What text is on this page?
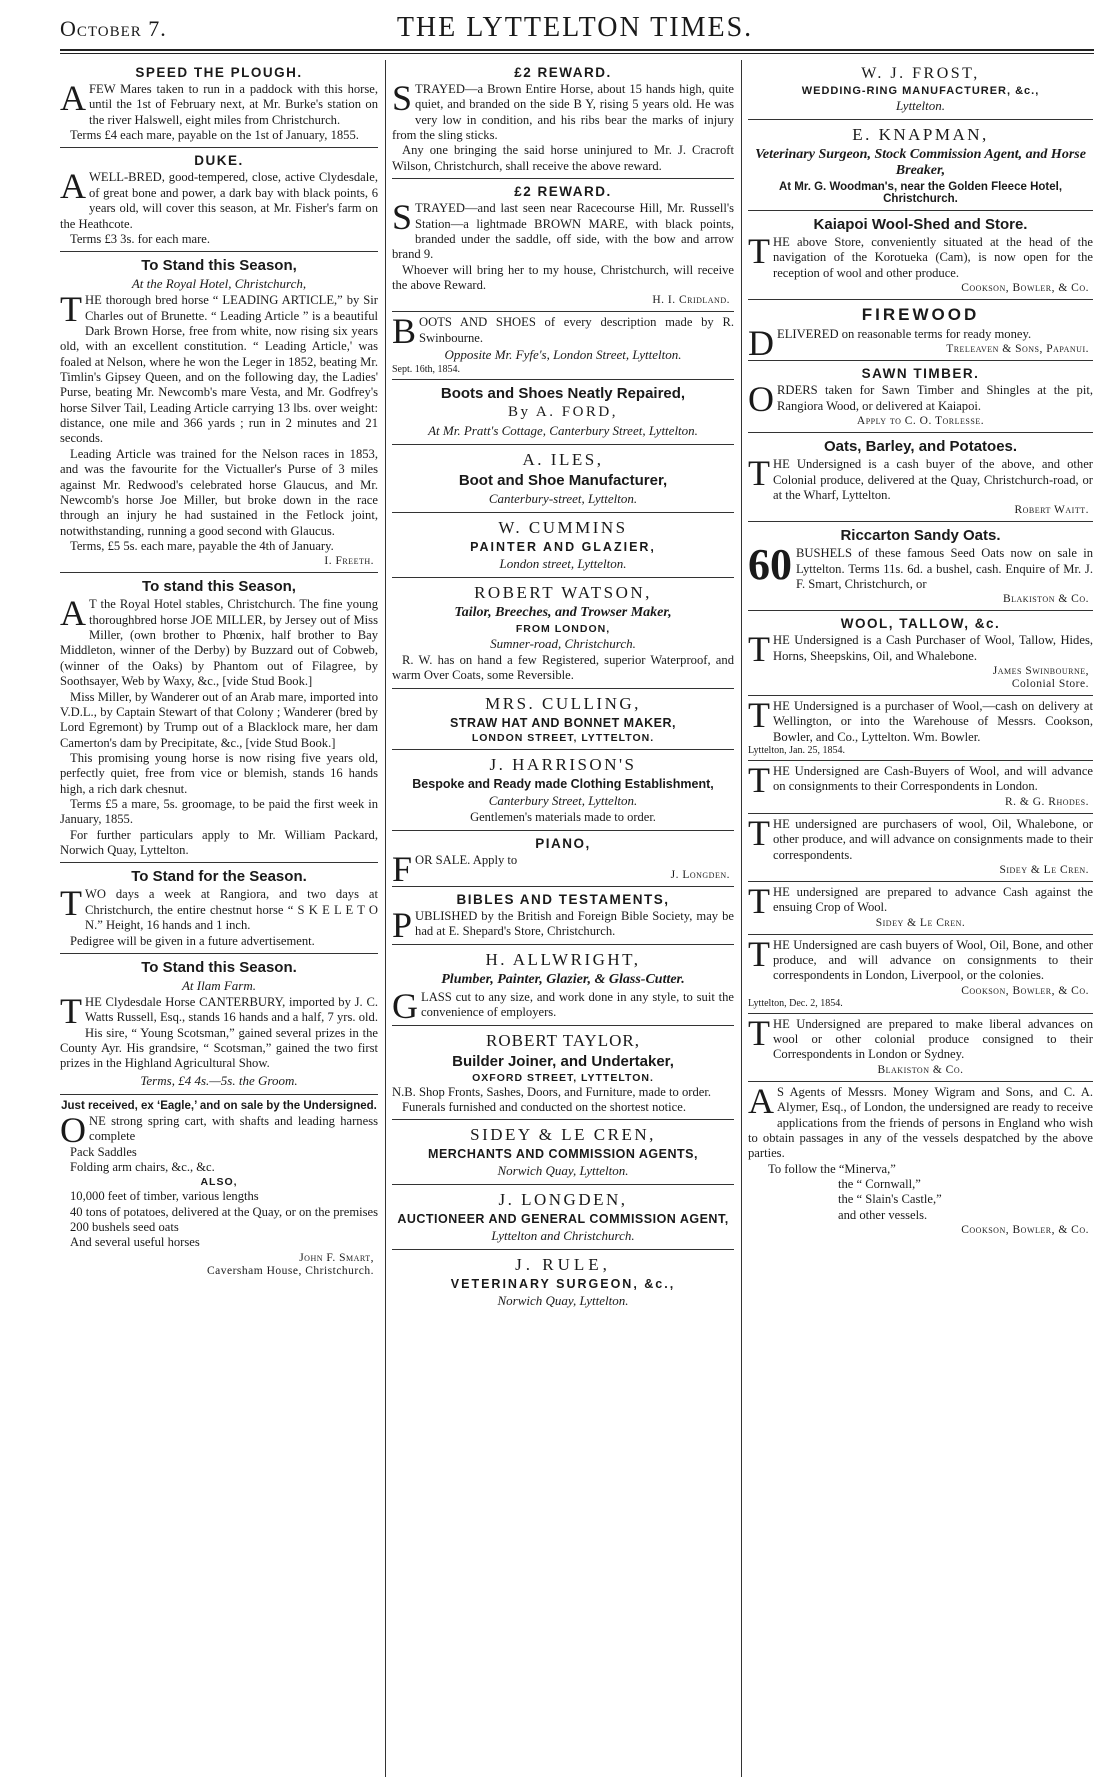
THE LYTTELTON TIMES.
October 7.
SPEED THE PLOUGH.
A FEW Mares taken to run in a paddock with this horse, until the 1st of February next, at Mr. Burke's station on the river Halswell, eight miles from Christchurch.

Terms £4 each mare, payable on the 1st of January, 1855.

DUKE.
A WELL-BRED, good-tempered, close, active Clydesdale, of great bone and power, a dark bay with black points, 6 years old, will cover this season, at Mr. Fisher's farm on the Heathcote.

Terms £3 3s. for each mare.

To Stand this Season,
At the Royal Hotel, Christchurch,
T HE thorough bred horse “ LEADING ARTICLE,” by Sir Charles out of Brunette. “ Leading Article ” is a beautiful Dark Brown Horse, free from white, now rising six years old, with an excellent constitution. “ Leading Article,' was foaled at Nelson, where he won the Leger in 1852, beating Mr. Timlin's Gipsey Queen, and on the following day, the Ladies' Purse, beating Mr. Newcomb's mare Vesta, and Mr. Godfrey's horse Silver Tail, Leading Article carrying 13 lbs. over weight: distance, one mile and 366 yards ; run in 2 minutes and 21 seconds.

Leading Article was trained for the Nelson races in 1853, and was the favourite for the Victualler's Purse of 3 miles against Mr. Redwood's celebrated horse Glaucus, and Mr. Newcomb's horse Joe Miller, but broke down in the race through an injury he had sustained in the Fetlock joint, notwithstanding, running a good second with Glaucus.

Terms, £5 5s. each mare, payable the 4th of January.

I. Freeth.
To stand this Season,
A T the Royal Hotel stables, Christchurch. The fine young thoroughbred horse JOE MILLER, by Jersey out of Miss Miller, (own brother to Phœnix, half brother to Bay Middleton, winner of the Derby) by Buzzard out of Cobweb, (winner of the Oaks) by Phantom out of Filagree, by Soothsayer, Web by Waxy, &c., [vide Stud Book.]

Miss Miller, by Wanderer out of an Arab mare, imported into V.D.L., by Captain Stewart of that Colony ; Wanderer (bred by Lord Egremont) by Trump out of a Blacklock mare, her dam Camerton's dam by Precipitate, &c., [vide Stud Book.]

This promising young horse is now rising five years old, perfectly quiet, free from vice or blemish, stands 16 hands high, a rich dark chesnut.

Terms £5 a mare, 5s. groomage, to be paid the first week in January, 1855.

For further particulars apply to Mr. William Packard, Norwich Quay, Lyttelton.

To Stand for the Season.
T WO days a week at Rangiora, and two days at Christchurch, the entire chestnut horse “ S K E L E T O N.” Height, 16 hands and 1 inch.

Pedigree will be given in a future advertisement.

To Stand this Season.
At Ilam Farm.
T HE Clydesdale Horse CANTERBURY, imported by J. C. Watts Russell, Esq., stands 16 hands and a half, 7 yrs. old. His sire, “ Young Scotsman,” gained several prizes in the County Ayr. His grandsire, “ Scotsman,” gained the two first prizes in the Highland Agricultural Show.

Terms, £4 4s.—5s. the Groom.
Just received, ex ‘Eagle,’ and on sale by the Undersigned.
O NE strong spring cart, with shafts and leading harness complete

Pack Saddles
Folding arm chairs, &c., &c.
ALSO,
10,000 feet of timber, various lengths
40 tons of potatoes, delivered at the Quay, or on the premises
200 bushels seed oats
And several useful horses
John F. Smart,
Caversham House, Christchurch.
£2 REWARD.
S TRAYED—a Brown Entire Horse, about 15 hands high, quite quiet, and branded on the side B Y, rising 5 years old. He was very low in condition, and his ribs bear the marks of injury from the sling sticks.

Any one bringing the said horse uninjured to Mr. J. Cracroft Wilson, Christchurch, shall receive the above reward.

£2 REWARD.
S TRAYED—and last seen near Racecourse Hill, Mr. Russell's Station—a lightmade BROWN MARE, with black points, branded under the saddle, off side, with the bow and arrow brand 9.

Whoever will bring her to my house, Christchurch, will receive the above Reward.

H. I. Cridland.
B OOTS AND SHOES of every description made by R. Swinbourne.

Opposite Mr. Fyfe's, London Street, Lyttelton.
Sept. 16th, 1854.
Boots and Shoes Neatly Repaired,
By A. FORD,
At Mr. Pratt's Cottage, Canterbury Street, Lyttelton.
A. ILES,
Boot and Shoe Manufacturer,
Canterbury-street, Lyttelton.
W. CUMMINS
PAINTER AND GLAZIER,
London street, Lyttelton.
ROBERT WATSON,
Tailor, Breeches, and Trowser Maker,
FROM LONDON,
Sumner-road, Christchurch.

R. W. has on hand a few Registered, superior Waterproof, and warm Over Coats, some Reversible.

MRS. CULLING,
STRAW HAT AND BONNET MAKER,
LONDON STREET, LYTTELTON.
J. HARRISON'S
Bespoke and Ready made Clothing Establishment,
Canterbury Street, Lyttelton.
Gentlemen's materials made to order.
PIANO,
F OR SALE. Apply to

J. Longden.
BIBLES AND TESTAMENTS,
P UBLISHED by the British and Foreign Bible Society, may be had at E. Shepard's Store, Christchurch.

H. ALLWRIGHT,
Plumber, Painter, Glazier, & Glass-Cutter.
G LASS cut to any size, and work done in any style, to suit the convenience of employers.

ROBERT TAYLOR,
Builder Joiner, and Undertaker,
OXFORD STREET, LYTTELTON.

N.B. Shop Fronts, Sashes, Doors, and Furniture, made to order.

Funerals furnished and conducted on the shortest notice.

SIDEY & LE CREN,
MERCHANTS AND COMMISSION AGENTS,
Norwich Quay, Lyttelton.
J. LONGDEN,
AUCTIONEER AND GENERAL COMMISSION AGENT,
Lyttelton and Christchurch.
J. RULE,
VETERINARY SURGEON, &c.,
Norwich Quay, Lyttelton.
W. J. FROST,
WEDDING-RING MANUFACTURER, &c.,
Lyttelton.
E. KNAPMAN,
Veterinary Surgeon, Stock Commission Agent, and Horse Breaker,
At Mr. G. Woodman's, near the Golden Fleece Hotel, Christchurch.
Kaiapoi Wool-Shed and Store.
T HE above Store, conveniently situated at the head of the navigation of the Korotueka (Cam), is now open for the reception of wool and other produce.

Cookson, Bowler, & Co.
FIREWOOD
D ELIVERED on reasonable terms for ready money.

Treleaven & Sons, Papanui.
SAWN TIMBER.
O RDERS taken for Sawn Timber and Shingles at the pit, Rangiora Wood, or delivered at Kaiapoi.

Apply to C. O. Torlesse.
Oats, Barley, and Potatoes.
T HE Undersigned is a cash buyer of the above, and other Colonial produce, delivered at the Quay, Christchurch-road, or at the Wharf, Lyttelton.

Robert Waitt.
Riccarton Sandy Oats.
60 BUSHELS of these famous Seed Oats now on sale in Lyttelton. Terms 11s. 6d. a bushel, cash. Enquire of Mr. J. F. Smart, Christchurch, or

Blakiston & Co.
WOOL, TALLOW, &c.
T HE Undersigned is a Cash Purchaser of Wool, Tallow, Hides, Horns, Sheepskins, Oil, and Whalebone.

James Swinbourne,
Colonial Store.
T HE Undersigned is a purchaser of Wool,—cash on delivery at Wellington, or into the Warehouse of Messrs. Cookson, Bowler, and Co., Lyttelton. Wm. Bowler.

Lyttelton, Jan. 25, 1854.
T HE Undersigned are Cash-Buyers of Wool, and will advance on consignments to their Correspondents in London.

R. & G. Rhodes.
T HE undersigned are purchasers of wool, Oil, Whalebone, or other produce, and will advance on consignments made to their correspondents.

Sidey & Le Cren.
T HE undersigned are prepared to advance Cash against the ensuing Crop of Wool.

Sidey & Le Cren.
T HE Undersigned are cash buyers of Wool, Oil, Bone, and other produce, and will advance on consignments to their correspondents in London, Liverpool, or the colonies.

Cookson, Bowler, & Co.
Lyttelton, Dec. 2, 1854.
T HE Undersigned are prepared to make liberal advances on wool or other colonial produce consigned to their Correspondents in London or Sydney.

Blakiston & Co.
A S Agents of Messrs. Money Wigram and Sons, and C. A. Alymer, Esq., of London, the undersigned are ready to receive applications from the friends of persons in England who wish to obtain passages in any of the vessels despatched by the above parties.

To follow the “Minerva,”
the “ Cornwall,”
the “ Slain's Castle,”
and other vessels.
Cookson, Bowler, & Co.
